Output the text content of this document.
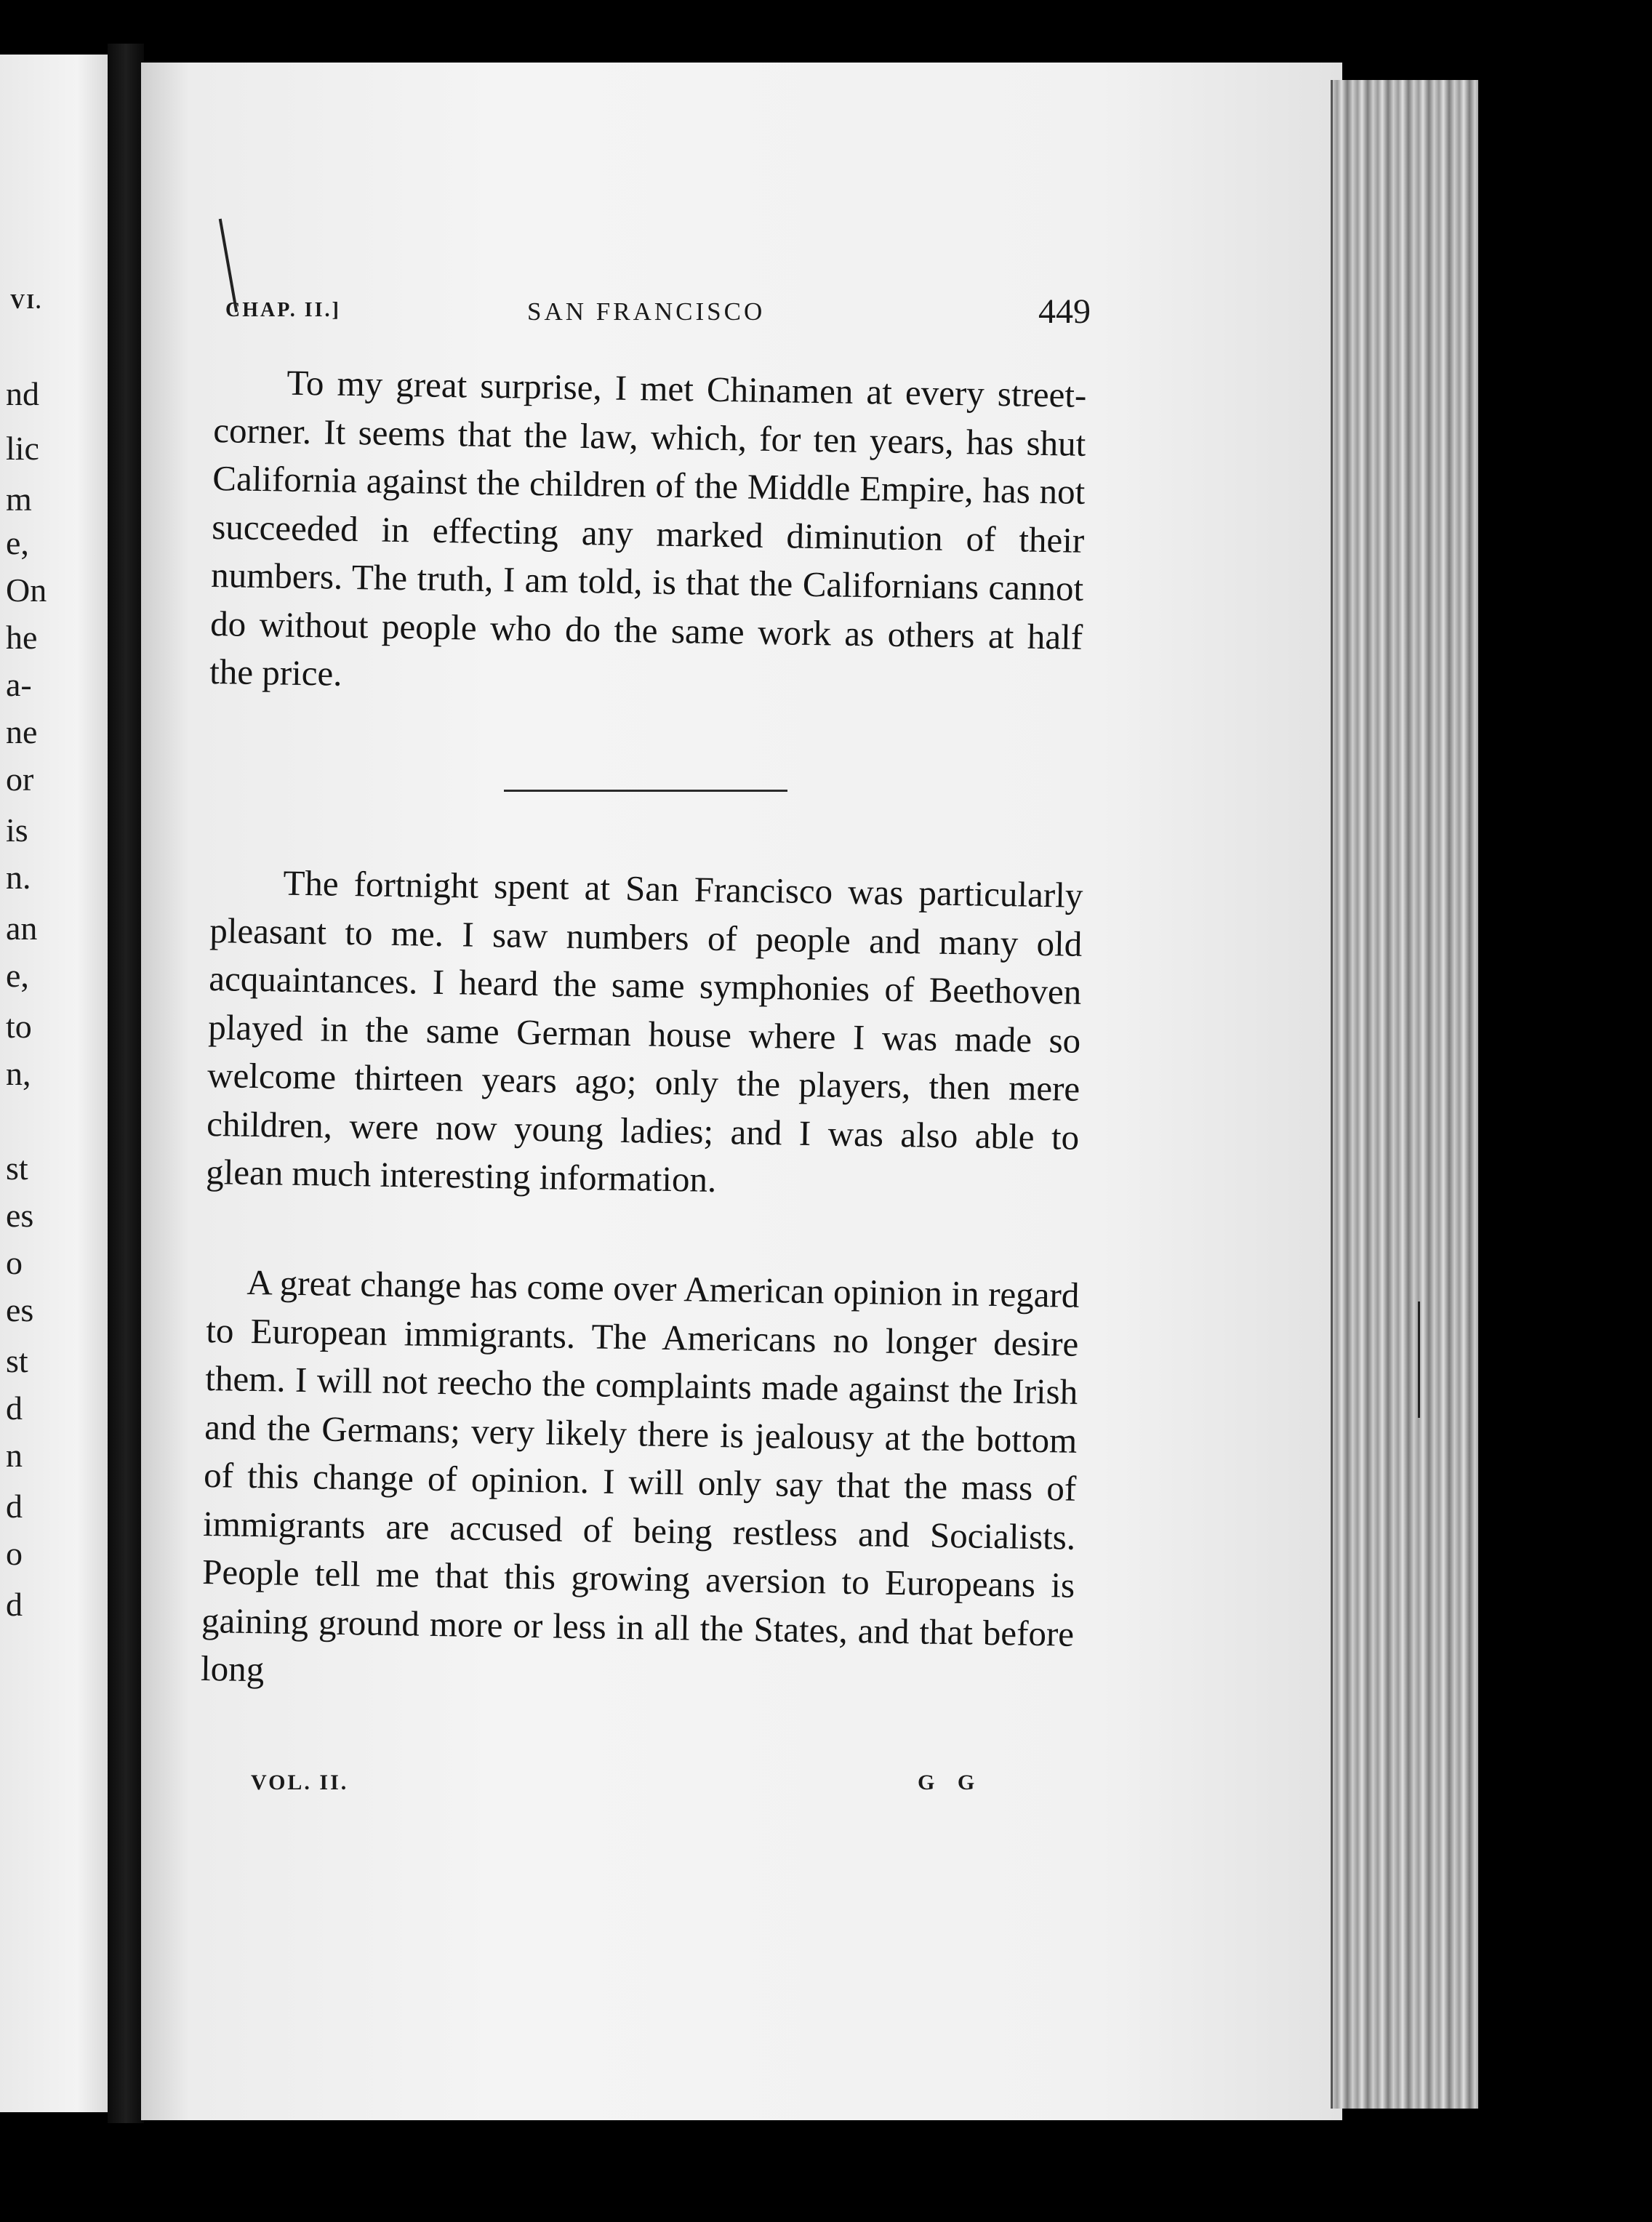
VI.
nd
lic
m
e,
On
he
a-
ne
or
is
n.
an
e,
to
n,
st
es
o
es
st
d
n
d
o
d
CHAP. II.]	SAN FRANCISCO	449

To my great surprise, I met Chinamen at every street-corner. It seems that the law, which, for ten years, has shut California against the children of the Middle Empire, has not succeeded in effecting any marked diminution of their numbers. The truth, I am told, is that the Californians cannot do without people who do the same work as others at half the price.

The fortnight spent at San Francisco was particularly pleasant to me. I saw numbers of people and many old acquaintances. I heard the same symphonies of Beethoven played in the same German house where I was made so welcome thirteen years ago; only the players, then mere children, were now young ladies; and I was also able to glean much interesting information.

A great change has come over American opinion in regard to European immigrants. The Americans no longer desire them. I will not reecho the complaints made against the Irish and the Germans; very likely there is jealousy at the bottom of this change of opinion. I will only say that the mass of immigrants are accused of being restless and Socialists. People tell me that this growing aversion to Europeans is gaining ground more or less in all the States, and that before long

VOL. II.	G G
